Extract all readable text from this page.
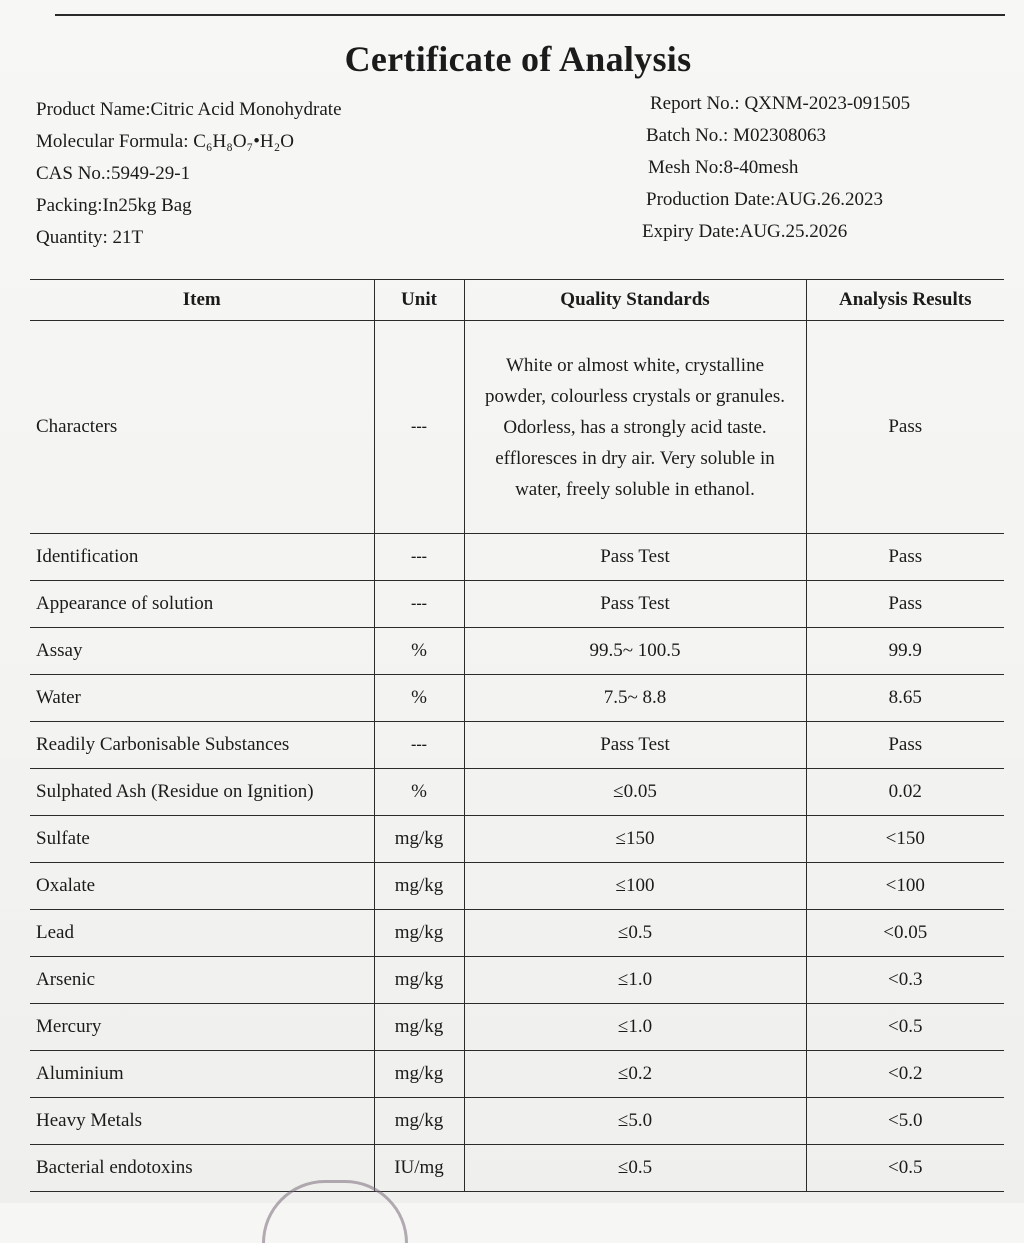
Certificate of Analysis
Product Name:Citric Acid Monohydrate
Molecular Formula: C₆H₈O₇•H₂O
CAS No.:5949-29-1
Packing:In25kg Bag
Quantity: 21T
Report No.: QXNM-2023-091505
Batch No.: M02308063
Mesh No:8-40mesh
Production Date:AUG.26.2023
Expiry Date:AUG.25.2026
Item	Unit	Quality Standards	Analysis Results
Characters	---	White or almost white, crystalline powder, colourless crystals or granules. Odorless, has a strongly acid taste. effloresces in dry air. Very soluble in water, freely soluble in ethanol.	Pass
Identification	---	Pass Test	Pass
Appearance of solution	---	Pass Test	Pass
Assay	%	99.5~ 100.5	99.9
Water	%	7.5~ 8.8	8.65
Readily Carbonisable Substances	---	Pass Test	Pass
Sulphated Ash (Residue on Ignition)	%	≤0.05	0.02
Sulfate	mg/kg	≤150	<150
Oxalate	mg/kg	≤100	<100
Lead	mg/kg	≤0.5	<0.05
Arsenic	mg/kg	≤1.0	<0.3
Mercury	mg/kg	≤1.0	<0.5
Aluminium	mg/kg	≤0.2	<0.2
Heavy Metals	mg/kg	≤5.0	<5.0
Bacterial endotoxins	IU/mg	≤0.5	<0.5
